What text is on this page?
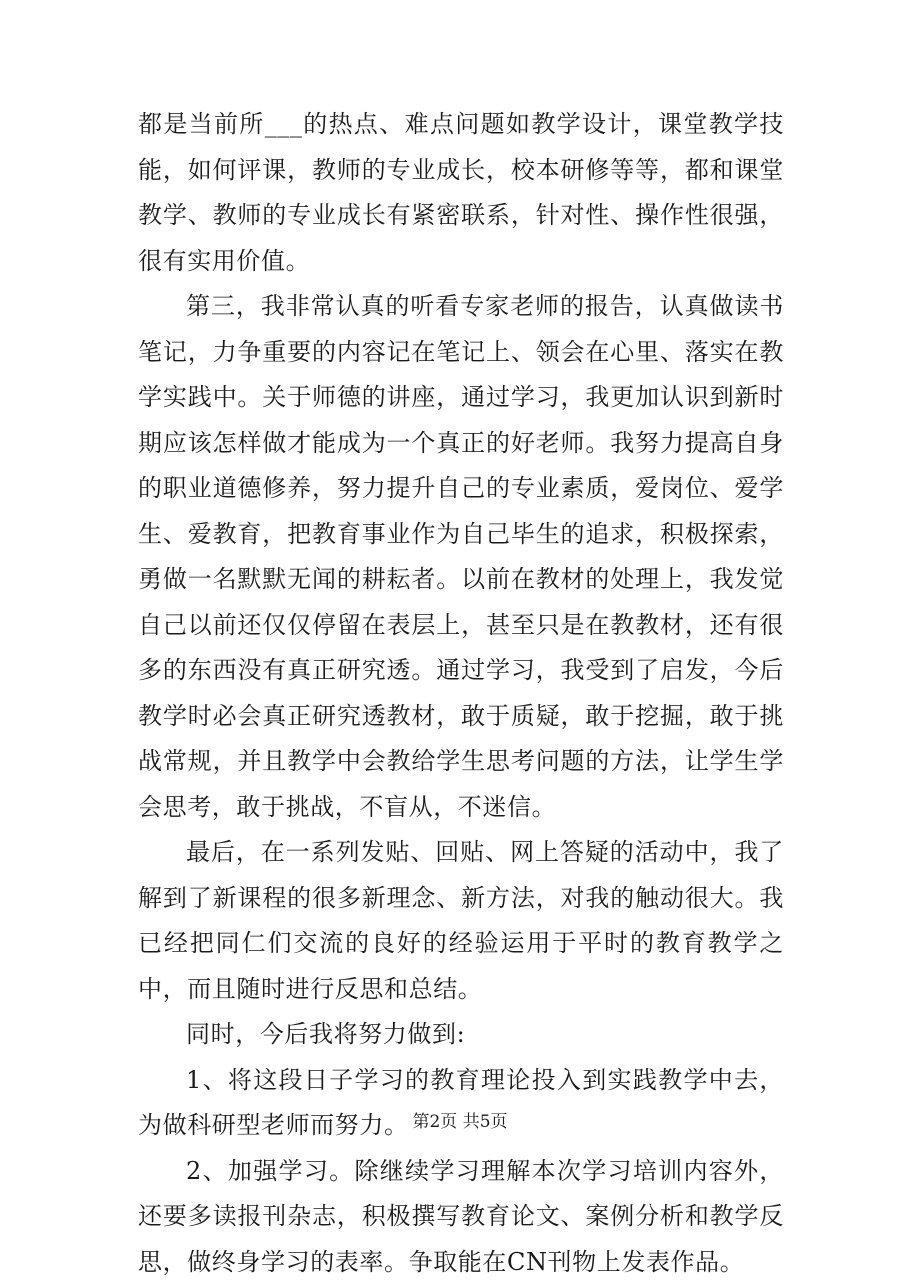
都是当前所___的热点、难点问题如教学设计，课堂教学技能，如何评课，教师的专业成长，校本研修等等，都和课堂教学、教师的专业成长有紧密联系，针对性、操作性很强，很有实用价值。

第三，我非常认真的听看专家老师的报告，认真做读书笔记，力争重要的内容记在笔记上、领会在心里、落实在教学实践中。关于师德的讲座，通过学习，我更加认识到新时期应该怎样做才能成为一个真正的好老师。我努力提高自身的职业道德修养，努力提升自己的专业素质，爱岗位、爱学生、爱教育，把教育事业作为自己毕生的追求，积极探索，勇做一名默默无闻的耕耘者。以前在教材的处理上，我发觉自己以前还仅仅停留在表层上，甚至只是在教教材，还有很多的东西没有真正研究透。通过学习，我受到了启发，今后教学时必会真正研究透教材，敢于质疑，敢于挖掘，敢于挑战常规，并且教学中会教给学生思考问题的方法，让学生学会思考，敢于挑战，不盲从，不迷信。

最后，在一系列发贴、回贴、网上答疑的活动中，我了解到了新课程的很多新理念、新方法，对我的触动很大。我已经把同仁们交流的良好的经验运用于平时的教育教学之中，而且随时进行反思和总结。

同时，今后我将努力做到:

1、将这段日子学习的教育理论投入到实践教学中去，为做科研型老师而努力。

2、加强学习。除继续学习理解本次学习培训内容外，还要多读报刊杂志，积极撰写教育论文、案例分析和教学反思，做终身学习的表率。争取能在CN刊物上发表作品。

第2页 共5页
